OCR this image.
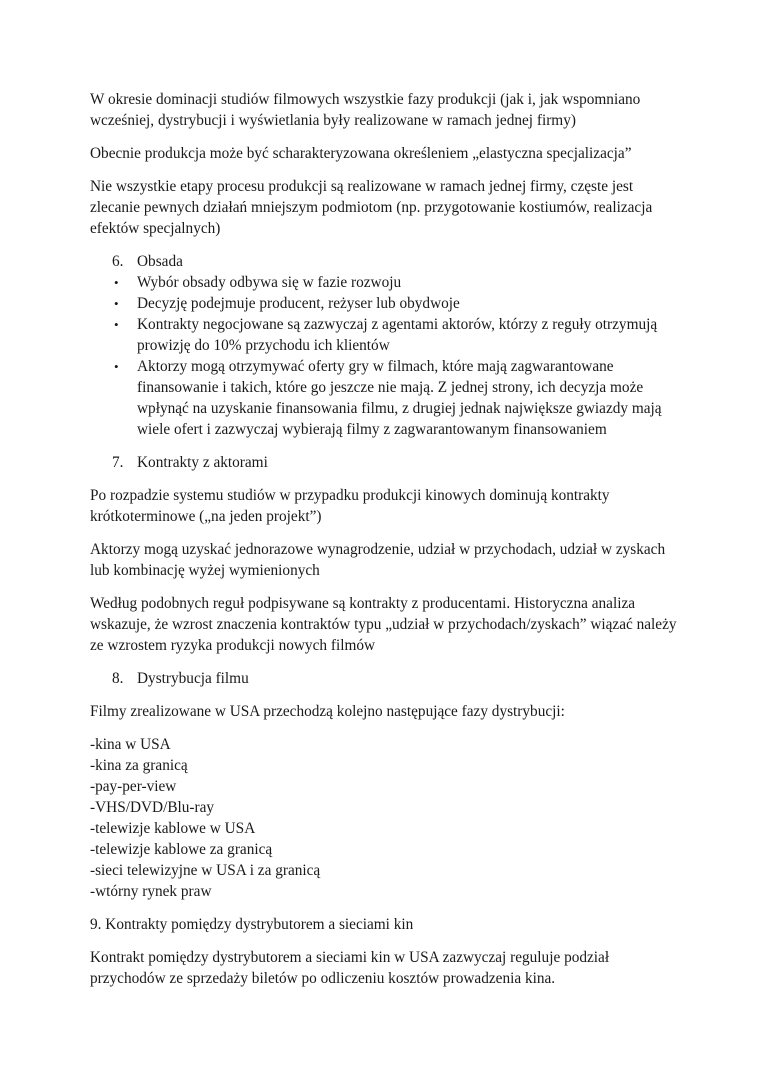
W okresie dominacji studiów filmowych wszystkie fazy produkcji (jak i, jak wspomniano wcześniej, dystrybucji i wyświetlania były realizowane w ramach jednej firmy)

Obecnie produkcja może być scharakteryzowana określeniem „elastyczna specjalizacja”

Nie wszystkie etapy procesu produkcji są realizowane w ramach jednej firmy, częste jest zlecanie pewnych działań mniejszym podmiotom (np. przygotowanie kostiumów, realizacja efektów specjalnych)

6. Obsada
• Wybór obsady odbywa się w fazie rozwoju
• Decyzję podejmuje producent, reżyser lub obydwoje
• Kontrakty negocjowane są zazwyczaj z agentami aktorów, którzy z reguły otrzymują prowizję do 10% przychodu ich klientów
• Aktorzy mogą otrzymywać oferty gry w filmach, które mają zagwarantowane finansowanie i takich, które go jeszcze nie mają. Z jednej strony, ich decyzja może wpłynąć na uzyskanie finansowania filmu, z drugiej jednak największe gwiazdy mają wiele ofert i zazwyczaj wybierają filmy z zagwarantowanym finansowaniem
7. Kontrakty z aktorami

Po rozpadzie systemu studiów w przypadku produkcji kinowych dominują kontrakty krótkoterminowe („na jeden projekt”)

Aktorzy mogą uzyskać jednorazowe wynagrodzenie, udział w przychodach, udział w zyskach lub kombinację wyżej wymienionych

Według podobnych reguł podpisywane są kontrakty z producentami. Historyczna analiza wskazuje, że wzrost znaczenia kontraktów typu „udział w przychodach/zyskach” wiązać należy ze wzrostem ryzyka produkcji nowych filmów

8. Dystrybucja filmu

Filmy zrealizowane w USA przechodzą kolejno następujące fazy dystrybucji:

-kina w USA
-kina za granicą
-pay-per-view
-VHS/DVD/Blu-ray
-telewizje kablowe w USA
-telewizje kablowe za granicą
-sieci telewizyjne w USA i za granicą
-wtórny rynek praw

9. Kontrakty pomiędzy dystrybutorem a sieciami kin

Kontrakt pomiędzy dystrybutorem a sieciami kin w USA zazwyczaj reguluje podział przychodów ze sprzedaży biletów po odliczeniu kosztów prowadzenia kina.
